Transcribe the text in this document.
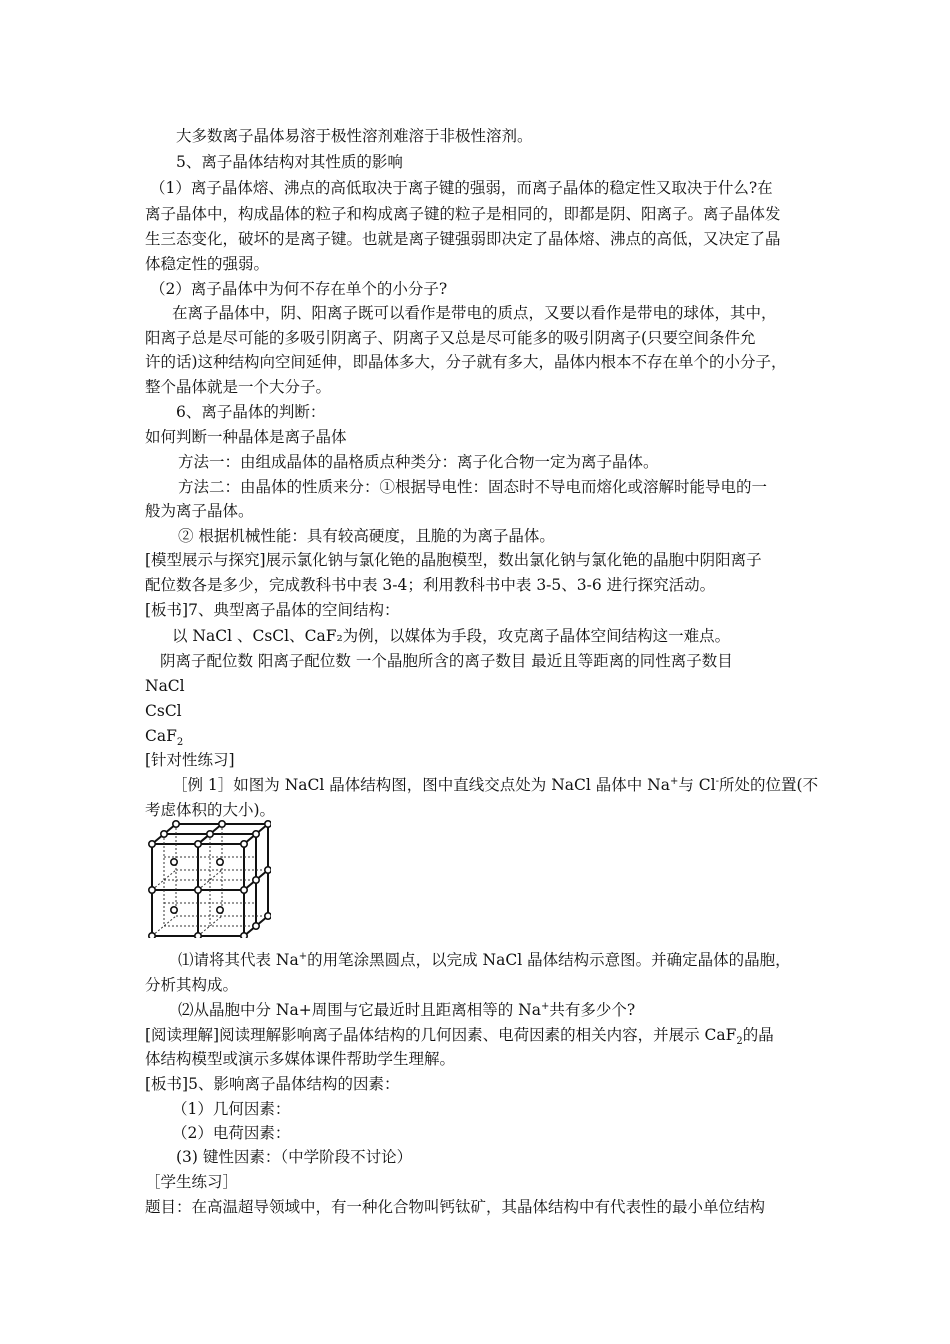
大多数离子晶体易溶于极性溶剂难溶于非极性溶剂。
5、离子晶体结构对其性质的影响
（1）离子晶体熔、沸点的高低取决于离子键的强弱，而离子晶体的稳定性又取决于什么?在
离子晶体中，构成晶体的粒子和构成离子键的粒子是相同的，即都是阴、阳离子。离子晶体发
生三态变化，破坏的是离子键。也就是离子键强弱即决定了晶体熔、沸点的高低，又决定了晶
体稳定性的强弱。
（2）离子晶体中为何不存在单个的小分子?
在离子晶体中，阴、阳离子既可以看作是带电的质点，又要以看作是带电的球体，其中，
阳离子总是尽可能的多吸引阴离子、阴离子又总是尽可能多的吸引阴离子(只要空间条件允
许的话)这种结构向空间延伸，即晶体多大，分子就有多大，晶体内根本不存在单个的小分子，
整个晶体就是一个大分子。
6、离子晶体的判断：
如何判断一种晶体是离子晶体
方法一：由组成晶体的晶格质点种类分：离子化合物一定为离子晶体。
方法二：由晶体的性质来分：①根据导电性：固态时不导电而熔化或溶解时能导电的一
般为离子晶体。
② 根据机械性能：具有较高硬度，且脆的为离子晶体。
[模型展示与探究]展示氯化钠与氯化铯的晶胞模型，数出氯化钠与氯化铯的晶胞中阴阳离子
配位数各是多少，完成教科书中表 3-4；利用教科书中表 3-5、3-6 进行探究活动。
[板书]7、典型离子晶体的空间结构：
以 NaCl 、CsCl、CaF₂为例，以媒体为手段，攻克离子晶体空间结构这一难点。
阴离子配位数 阳离子配位数 一个晶胞所含的离子数目 最近且等距离的同性离子数目
NaCl
CsCl
CaF$_2$
[针对性练习]
［例 1］如图为 NaCl 晶体结构图，图中直线交点处为 NaCl 晶体中 Na+与 Cl-所处的位置(不
考虑体积的大小)。
⑴请将其代表 Na+的用笔涂黑圆点，以完成 NaCl 晶体结构示意图。并确定晶体的晶胞，
分析其构成。
⑵从晶胞中分 Na+周围与它最近时且距离相等的 Na+共有多少个?
[阅读理解]阅读理解影响离子晶体结构的几何因素、电荷因素的相关内容，并展示 CaF$_2$的晶
体结构模型或演示多媒体课件帮助学生理解。
[板书]5、影响离子晶体结构的因素：
（1）几何因素：
（2）电荷因素：
(3) 键性因素：（中学阶段不讨论）
［学生练习］
题目：在高温超导领域中，有一种化合物叫钙钛矿，其晶体结构中有代表性的最小单位结构
